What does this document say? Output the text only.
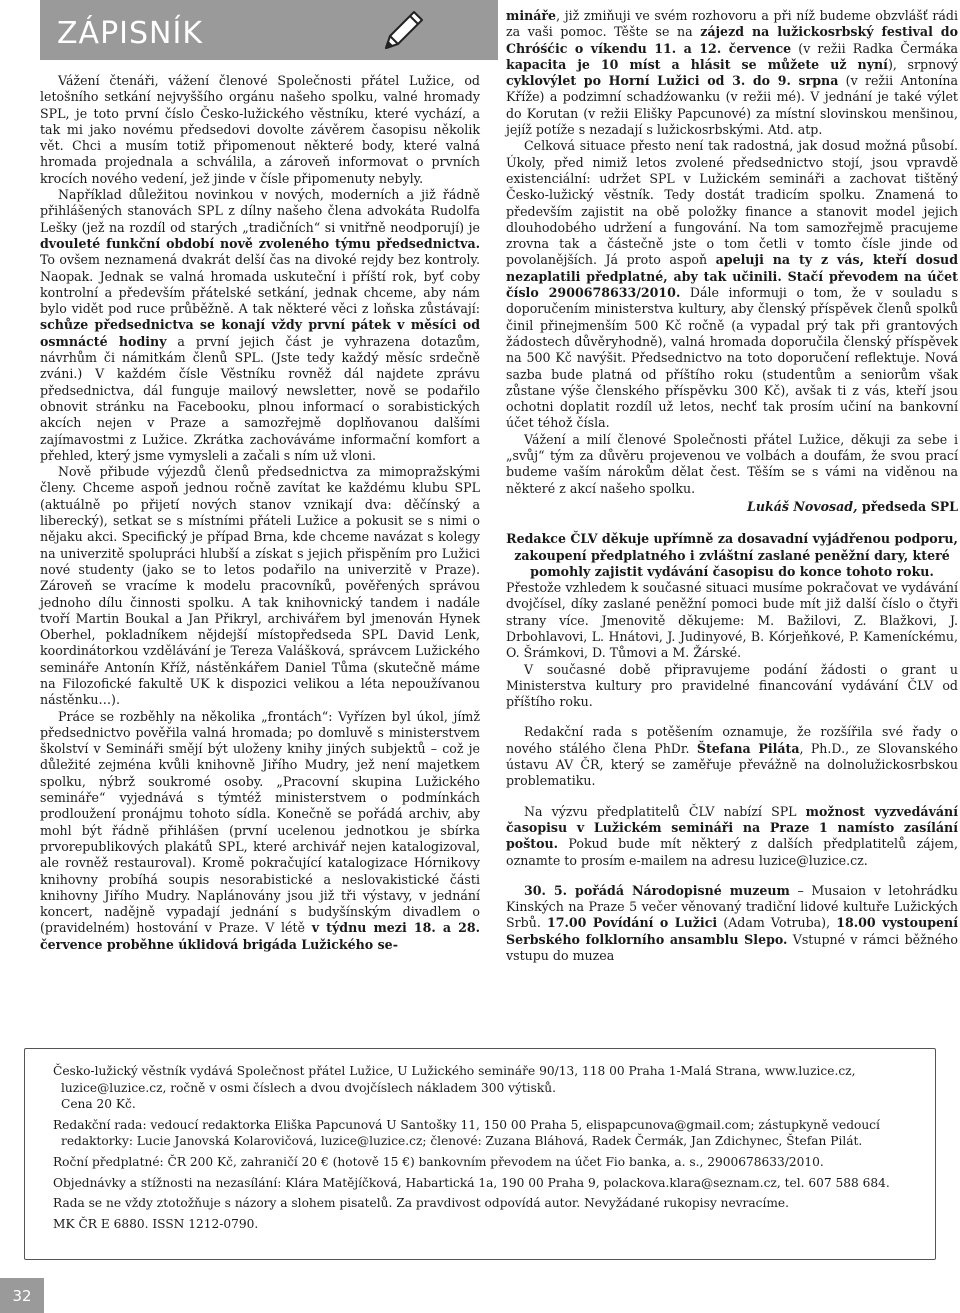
ZÁPISNÍK

Vážení čtenáři, vážení členové Společnosti přátel Lužice, od letošního setkání nejvyššího orgánu našeho spolku, valné hromady SPL, je toto první číslo Česko-lužického věstníku, které vychází, a tak mi jako novému předsedovi dovolte závěrem časopisu několik vět. Chci a musím totiž připomenout některé body, které valná hromada projednala a schválila, a zároveň informovat o prvních krocích nového vedení, jež jinde v čísle připomenuty nebyly.

Například důležitou novinkou v nových, moderních a již řádně přihlášených stanovách SPL z dílny našeho člena advokáta Rudolfa Lešky (jež na rozdíl od starých „tradičních“ si vnitřně neodporují) je dvouleté funkční období nově zvoleného týmu předsednictva. To ovšem neznamená dvakrát delší čas na divoké rejdy bez kontroly. Naopak. Jednak se valná hromada uskuteční i příští rok, byť coby kontrolní a především přátelské setkání, jednak chceme, aby nám bylo vidět pod ruce průběžně. A tak některé věci z loňska zůstávají: schůze předsednictva se konají vždy první pátek v měsíci od osmnácté hodiny a první jejich část je vyhrazena dotazům, návrhům či námitkám členů SPL. (Jste tedy každý měsíc srdečně zváni.) V každém čísle Věstníku rovněž dál najdete zprávu předsednictva, dál funguje mailový newsletter, nově se podařilo obnovit stránku na Facebooku, plnou informací o sorabistických akcích nejen v Praze a samozřejmě doplňovanou dalšími zajímavostmi z Lužice. Zkrátka zachováváme informační komfort a přehled, který jsme vymysleli a začali s ním už vloni.

Nově přibude výjezdů členů předsednictva za mimopražskými členy. Chceme aspoň jednou ročně zavítat ke každému klubu SPL (aktuálně po přijetí nových stanov vznikají dva: děčínský a liberecký), setkat se s místními přáteli Lužice a pokusit se s nimi o nějaku akci. Specifický je případ Brna, kde chceme navázat s kolegy na univerzitě spolupráci hlubší a získat s jejich přispěním pro Lužici nové studenty (jako se to letos podařilo na univerzitě v Praze). Zároveň se vracíme k modelu pracovníků, pověřených správou jednoho dílu činnosti spolku. A tak knihovnický tandem i nadále tvoří Martin Boukal a Jan Přikryl, archivářem byl jmenován Hynek Oberhel, pokladníkem nějdejší místopředseda SPL David Lenk, koordinátorkou vzdělávání je Tereza Valášková, správcem Lužického semináře Antonín Kříž, nástěnkářem Daniel Tůma (skutečně máme na Filozofické fakultě UK k dispozici velikou a léta nepoužívanou nástěnku…).

Práce se rozběhly na několika „frontách“: Vyřízen byl úkol, jímž předsednictvo pověřila valná hromada; po domluvě s ministerstvem školství v Semináři smějí být uloženy knihy jiných subjektů – což je důležité zejména kvůli knihovně Jiřího Mudry, jež není majetkem spolku, nýbrž soukromé osoby. „Pracovní skupina Lužického semináře“ vyjednává s týmtéž ministerstvem o podmínkách prodloužení pronájmu tohoto sídla. Konečně se pořádá archiv, aby mohl být řádně přihlášen (první ucelenou jednotkou je sbírka prvorepublikových plakátů SPL, které archivář nejen katalogizoval, ale rovněž restauroval). Kromě pokračující katalogizace Hórnikovy knihovny probíhá soupis nesorabistické a neslovakistické části knihovny Jiřího Mudry. Naplánovány jsou již tři výstavy, v jednání koncert, nadějně vypadají jednání s budyšínským divadlem o (pravidelném) hostování v Praze. V létě v týdnu mezi 18. a 28. července proběhne úklidová brigáda Lužického se-

mináře, již zmiňuji ve svém rozhovoru a při níž budeme obzvlášť rádi za vaši pomoc. Těšte se na zájezd na lužickosrbský festival do Chróśćic o víkendu 11. a 12. července (v režii Radka Čermáka kapacita je 10 míst a hlásit se můžete už nyní), srpnový cyklovýlet po Horní Lužici od 3. do 9. srpna (v režii Antonína Kříže) a podzimní schadźowanku (v režii mé). V jednání je také výlet do Korutan (v režii Elišky Papcunové) za místní slovinskou menšinou, jejíž potíže s nezadají s lužickosrbskými. Atd. atp.

Celková situace přesto není tak radostná, jak dosud možná působí. Úkoly, před nimiž letos zvolené předsednictvo stojí, jsou vpravdě existenciální: udržet SPL v Lužickém semináři a zachovat tištěný Česko-lužický věstník. Tedy dostát tradicím spolku. Znamená to především zajistit na obě položky finance a stanovit model jejich dlouhodobého udržení a fungování. Na tom samozřejmě pracujeme zrovna tak a částečně jste o tom četli v tomto čísle jinde od povolanějších. Já proto aspoň apeluji na ty z vás, kteří dosud nezaplatili předplatné, aby tak učinili. Stačí převodem na účet číslo 2900678633/2010. Dále informuji o tom, že v souladu s doporučením ministerstva kultury, aby členský příspěvek členů spolků činil přinejmenším 500 Kč ročně (a vypadal prý tak při grantových žádostech důvěryhodně), valná hromada doporučila členský příspěvek na 500 Kč navýšit. Předsednictvo na toto doporučení reflektuje. Nová sazba bude platná od příštího roku (studentům a seniorům však zůstane výše členského příspěvku 300 Kč), avšak ti z vás, kteří jsou ochotni doplatit rozdíl už letos, nechť tak prosím učiní na bankovní účet téhož čísla.

Vážení a milí členové Společnosti přátel Lužice, děkuji za sebe i „svůj“ tým za důvěru projevenou ve volbách a doufám, že svou prací budeme vaším nárokům dělat čest. Těším se s vámi na viděnou na některé z akcí našeho spolku.

Lukáš Novosad, předseda SPL

Redakce ČLV děkuje upřímně za dosavadní vyjádřenou podporu, zakoupení předplatného i zvláštní zaslané peněžní dary, které pomohly zajistit vydávání časopisu do konce tohoto roku.

Přestože vzhledem k současné situaci musíme pokračovat ve vydávání dvojčísel, díky zaslané peněžní pomoci bude mít již další číslo o čtyři strany více. Jmenovitě děkujeme: M. Bažilovi, Z. Blažkovi, J. Drbohlavovi, L. Hnátovi, J. Judinyové, B. Kórjeňkové, P. Kameníckému, O. Šrámkovi, D. Tůmovi a M. Žárské.

V současné době připravujeme podání žádosti o grant u Ministerstva kultury pro pravidelné financování vydávání ČLV od příštího roku.

Redakční rada s potěšením oznamuje, že rozšířila své řady o nového stálého člena PhDr. Štefana Piláta, Ph.D., ze Slovanského ústavu AV ČR, který se zaměřuje převážně na dolnolužickosrbskou problematiku.

Na výzvu předplatitelů ČLV nabízí SPL možnost vyzvedávání časopisu v Lužickém semináři na Praze 1 namísto zasílání poštou. Pokud bude mít některý z dalších předplatitelů zájem, oznamte to prosím e-mailem na adresu luzice@luzice.cz.

30. 5. pořádá Národopisné muzeum – Musaion v letohrádku Kinských na Praze 5 večer věnovaný tradiční lidové kultuře Lužických Srbů. 17.00 Povídání o Lužici (Adam Votruba), 18.00 vystoupení Serbského folklorního ansamblu Slepo. Vstupné v rámci běžného vstupu do muzea

Česko-lužický věstník vydává Společnost přátel Lužice, U Lužického semináře 90/13, 118 00 Praha 1-Malá Strana, www.luzice.cz, luzice@luzice.cz, ročně v osmi číslech a dvou dvojčíslech nákladem 300 výtisků.
Cena 20 Kč.

Redakční rada: vedoucí redaktorka Eliška Papcunová U Santošky 11, 150 00 Praha 5, elispapcunova@gmail.com; zástupkyně vedoucí redaktorky: Lucie Janovská Kolarovičová, luzice@luzice.cz; členové: Zuzana Bláhová, Radek Čermák, Jan Zdichynec, Štefan Pilát.

Roční předplatné: ČR 200 Kč, zahraničí 20 € (hotově 15 €) bankovním převodem na účet Fio banka, a. s., 2900678633/2010.

Objednávky a stížnosti na nezasílání: Klára Matějíčková, Habartická 1a, 190 00 Praha 9, polackova.klara@seznam.cz, tel. 607 588 684.

Rada se ne vždy ztotožňuje s názory a slohem pisatelů. Za pravdivost odpovídá autor. Nevyžádané rukopisy nevracíme.

MK ČR E 6880. ISSN 1212-0790.

32
